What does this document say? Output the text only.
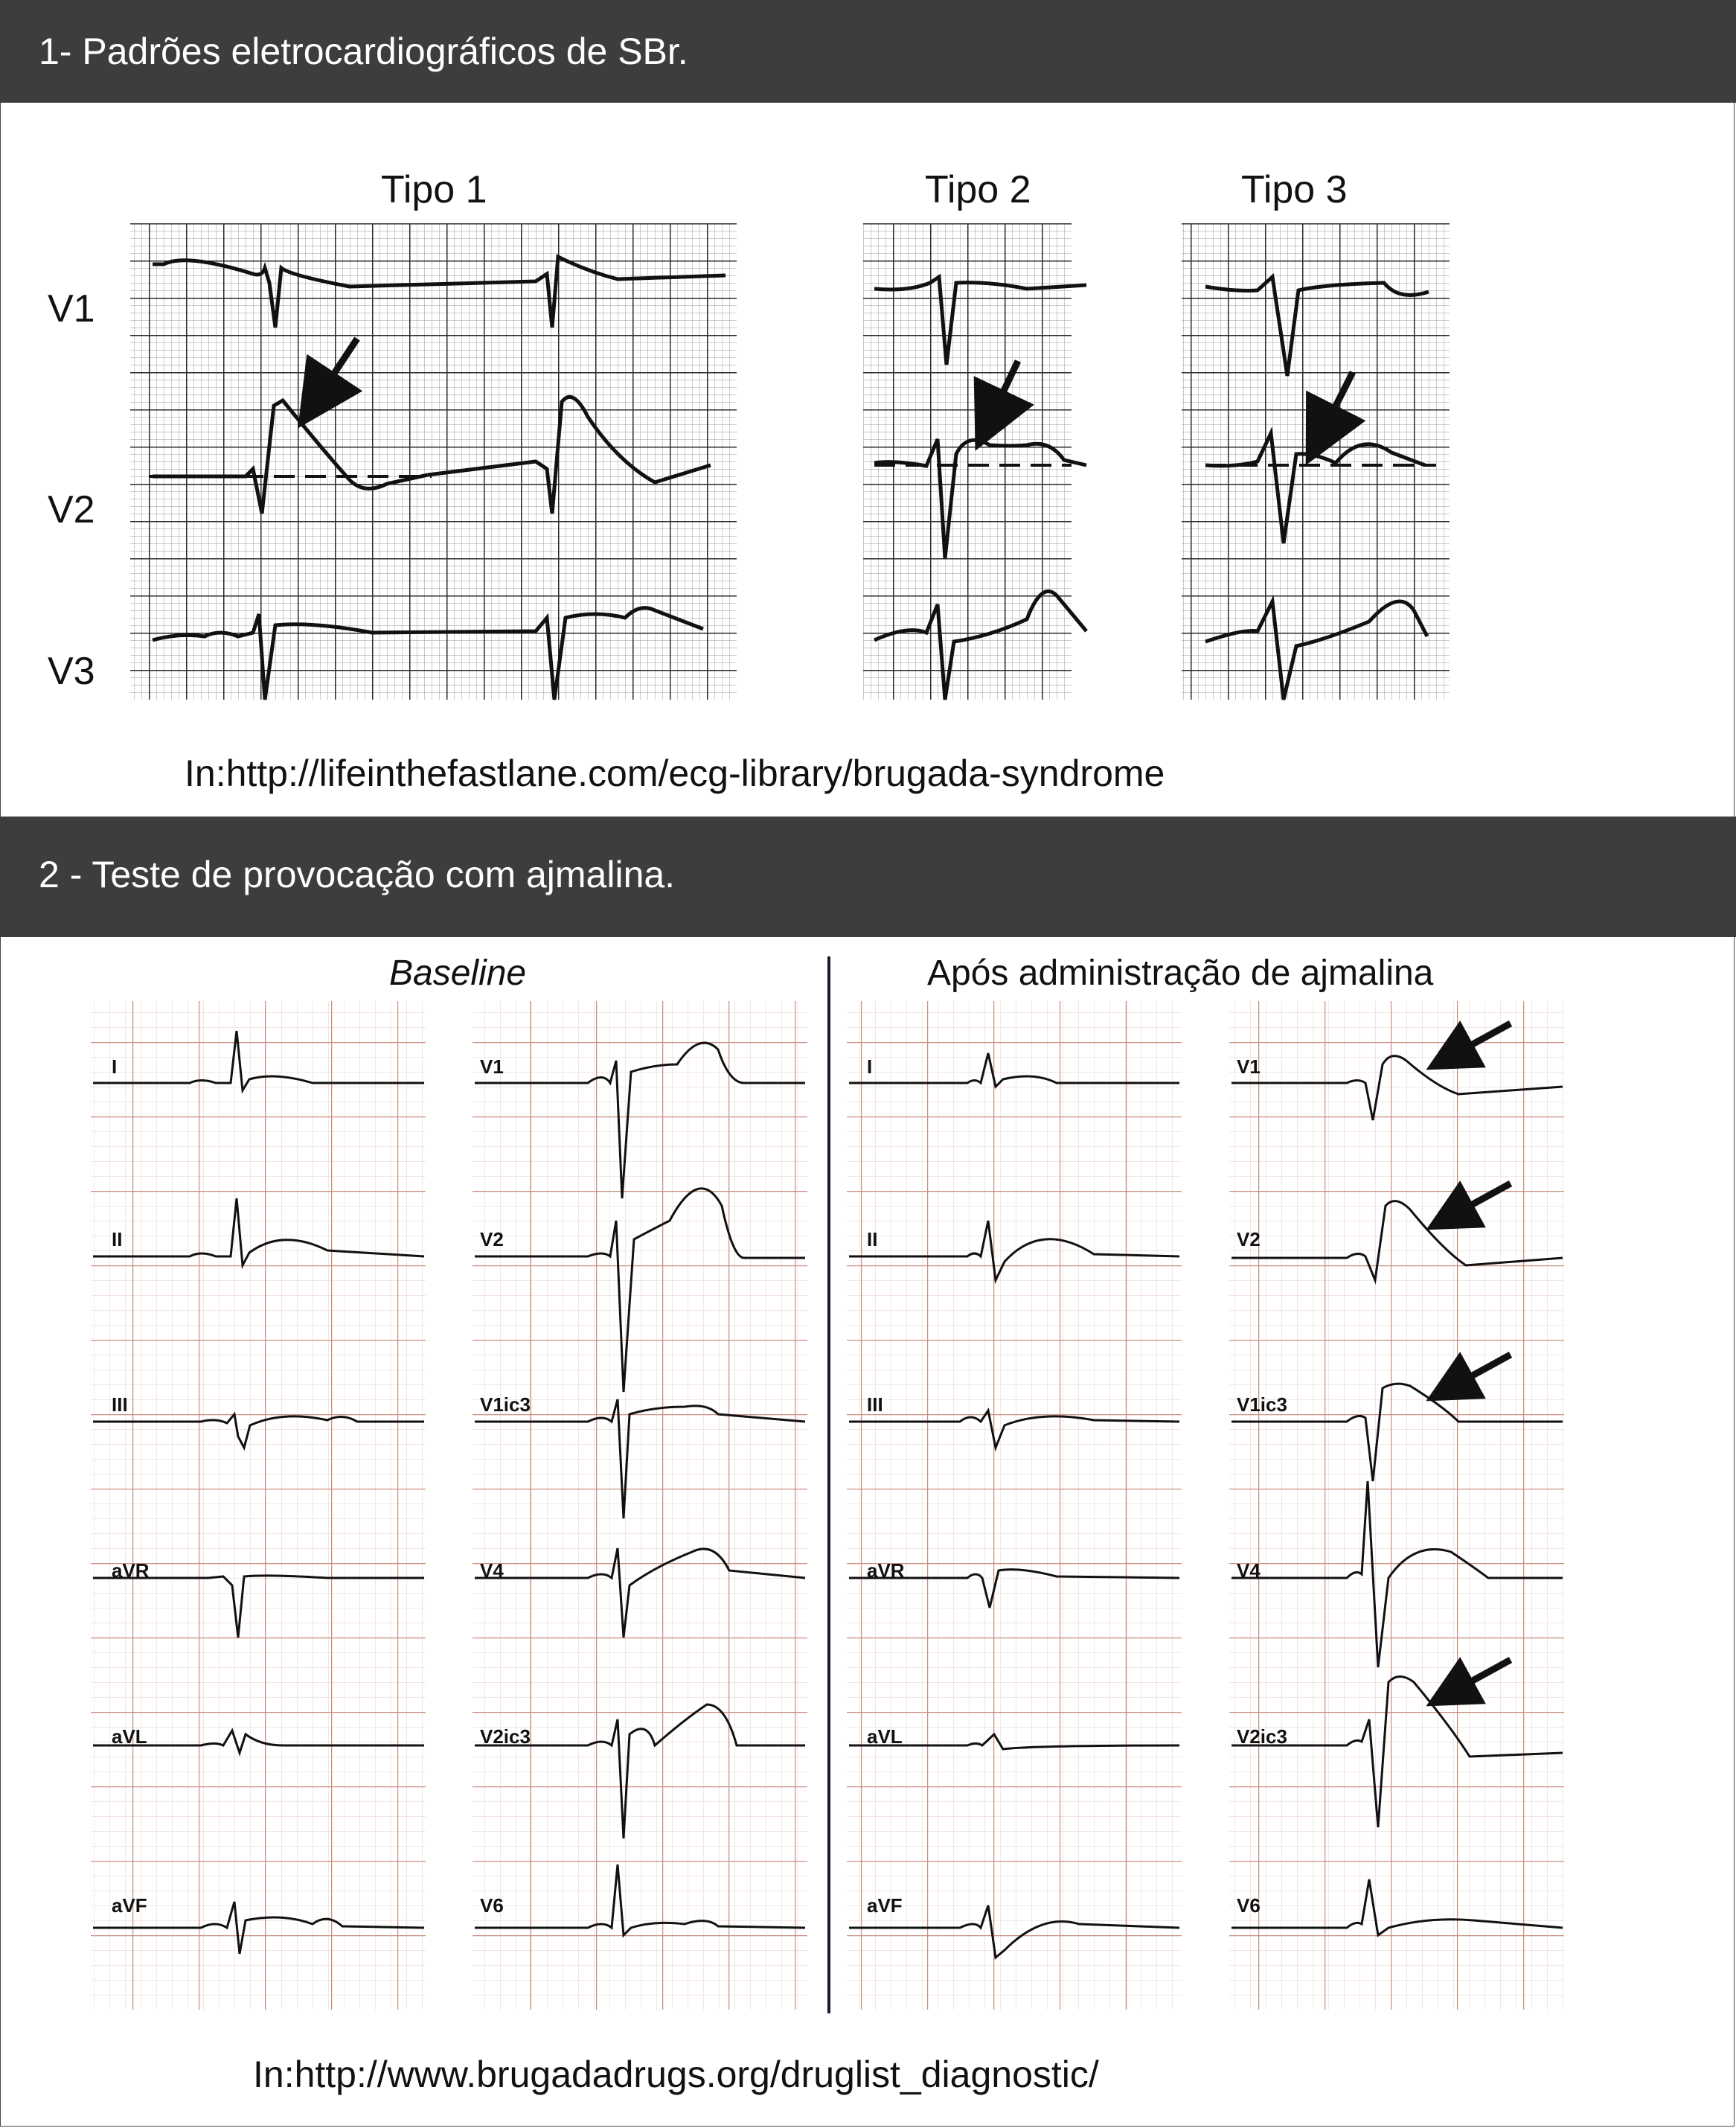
1- Padrões eletrocardiográficos de SBr.
Tipo 1	Tipo 2	Tipo 3
V1
V2
V3
In:http://lifeinthefastlane.com/ecg-library/brugada-syndrome
2 - Teste de provocação com ajmalina.
Baseline	Após administração de ajmalina
I
II
III
aVR
aVL
aVF
V1
V2
V1ic3
V4
V2ic3
V6
I
II
III
aVR
aVL
aVF
V1
V2
V1ic3
V4
V2ic3
V6
In:http://www.brugadadrugs.org/druglist_diagnostic/
